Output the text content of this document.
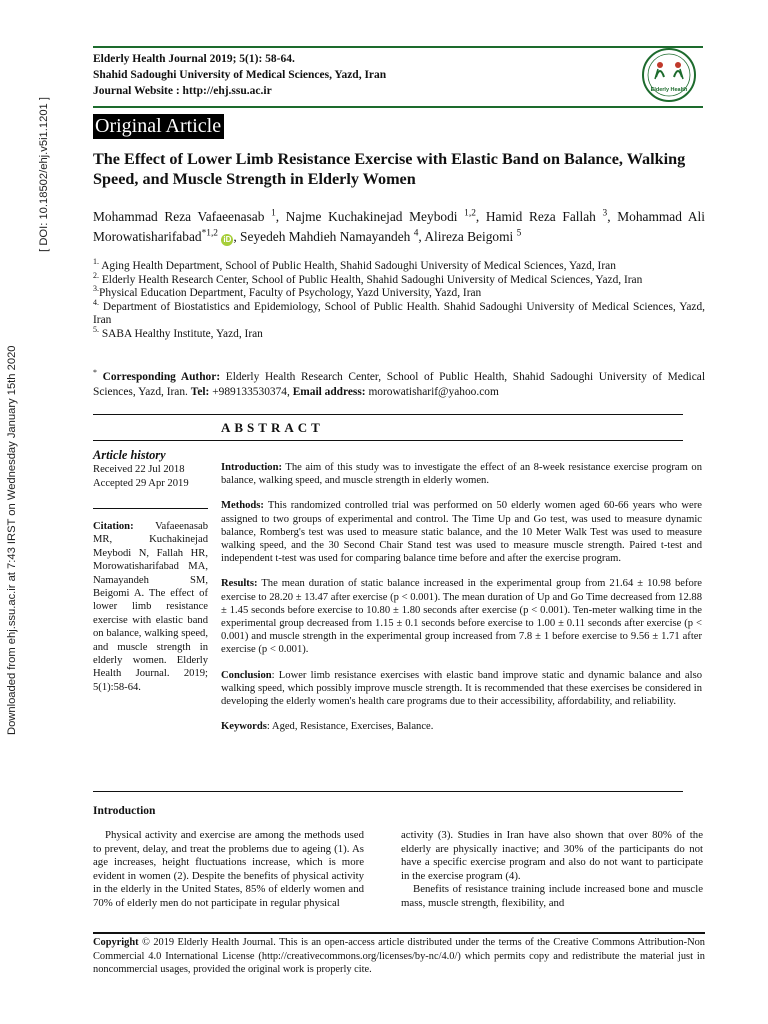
Downloaded from ehj.ssu.ac.ir at 7:43 IRST on Wednesday January 15th 2020
[ DOI: 10.18502/ehj.v5i1.1201 ]
Elderly Health Journal 2019; 5(1): 58-64.
Shahid Sadoughi University of Medical Sciences, Yazd, Iran
Journal Website : http://ehj.ssu.ac.ir	Elderly Health
Original Article
The Effect of Lower Limb Resistance Exercise with Elastic Band on Balance, Walking Speed, and Muscle Strength in Elderly Women
Mohammad Reza Vafaeenasab $^1$, Najme Kuchakinejad Meybodi $^{1,2}$, Hamid Reza Fallah $^3$, Mohammad Ali Morowatisharifabad$^{*1,2}$ iD , Seyedeh Mahdieh Namayandeh $^4$, Alireza Beigomi $^5$
$^{1.}$ Aging Health Department, School of Public Health, Shahid Sadoughi University of Medical Sciences, Yazd, Iran
$^{2.}$ Elderly Health Research Center, School of Public Health, Shahid Sadoughi University of Medical Sciences, Yazd, Iran
$^{3.}$Physical Education Department, Faculty of Psychology, Yazd University, Yazd, Iran
$^{4.}$ Department of Biostatistics and Epidemiology, School of Public Health. Shahid Sadoughi University of Medical Sciences, Yazd, Iran
$^{5.}$ SABA Healthy Institute, Yazd, Iran
* Corresponding Author: Elderly Health Research Center, School of Public Health, Shahid Sadoughi University of Medical Sciences, Yazd, Iran. Tel: +989133530374, Email address: morowatisharif@yahoo.com
ABSTRACT
Article history
Received 22 Jul 2018
Accepted 29 Apr 2019
Citation: Vafaeenasab MR, Kuchakinejad Meybodi N, Fallah HR, Morowatisharifabad MA, Namayandeh SM, Beigomi A. The effect of lower limb resistance exercise with elastic band on balance, walking speed, and muscle strength in elderly women. Elderly Health Journal. 2019; 5(1):58-64.

Introduction: The aim of this study was to investigate the effect of an 8-week resistance exercise program on balance, walking speed, and muscle strength in elderly women.

Methods: This randomized controlled trial was performed on 50 elderly women aged 60-66 years who were assigned to two groups of experimental and control. The Time Up and Go test, was used to measure dynamic balance, Romberg's test was used to measure static balance, and the 10 Meter Walk Test was used to measure walking speed, and the 30 Second Chair Stand test was used to measure muscle strength. Paired t-test and independent t-test was used for comparing balance time before and after the exercise program.

Results: The mean duration of static balance increased in the experimental group from 21.64 ± 10.98 before exercise to 28.20 ± 13.47 after exercise (p < 0.001). The mean duration of Up and Go Time decreased from 12.88 ± 1.45 seconds before exercise to 10.80 ± 1.80 seconds after exercise (p < 0.001). Ten-meter walking time in the experimental group decreased from 1.15 ± 0.1 seconds before exercise to 1.00 ± 0.11 seconds after exercise (p < 0.001) and muscle strength in the experimental group increased from 7.8 ± 1 before exercise to 9.56 ± 1.71 after exercise (p < 0.001).

Conclusion: Lower limb resistance exercises with elastic band improve static and dynamic balance and also walking speed, which possibly improve muscle strength. It is recommended that these exercises be considered in developing the elderly women's health care programs due to their accessibility, affordability, and reliability.

Keywords: Aged, Resistance, Exercises, Balance.

Introduction

Physical activity and exercise are among the methods used to prevent, delay, and treat the problems due to ageing (1). As age increases, height fluctuations increase, which is more evident in women (2). Despite the benefits of physical activity in the elderly in the United States, 85% of elderly women and 70% of elderly men do not participate in regular physical

activity (3). Studies in Iran have also shown that over 80% of the elderly are physically inactive; and 30% of the participants do not have a specific exercise program and also do not want to participate in the exercise program (4).

Benefits of resistance training include increased bone and muscle mass, muscle strength, flexibility, and

Copyright © 2019 Elderly Health Journal. This is an open-access article distributed under the terms of the Creative Commons Attribution-Non Commercial 4.0 International License (http://creativecommons.org/licenses/by-nc/4.0/) which permits copy and redistribute the material just in noncommercial usages, provided the original work is properly cite.
